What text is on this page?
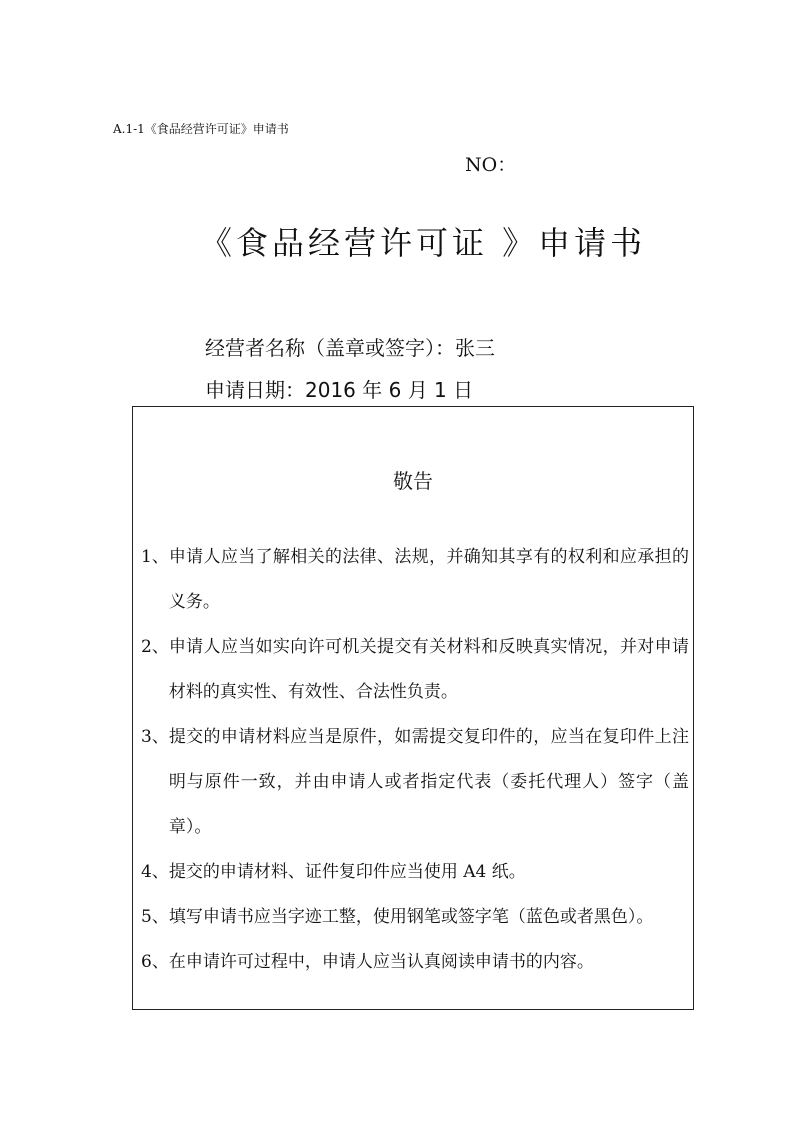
A.1-1《食品经营许可证》申请书
NO：
《食品经营许可证 》申请书
经营者名称（盖章或签字）：张三
申请日期：2016 年 6 月 1 日
敬告
1、 申请人应当了解相关的法律、法规，并确知其享有的权利和应承担的义务。
2、 申请人应当如实向许可机关提交有关材料和反映真实情况，并对申请材料的真实性、有效性、合法性负责。
3、 提交的申请材料应当是原件，如需提交复印件的，应当在复印件上注明与原件一致，并由申请人或者指定代表（委托代理人）签字（盖章）。
4、 提交的申请材料、证件复印件应当使用 A4 纸。
5、 填写申请书应当字迹工整，使用钢笔或签字笔（蓝色或者黑色）。
6、 在申请许可过程中，申请人应当认真阅读申请书的内容。
